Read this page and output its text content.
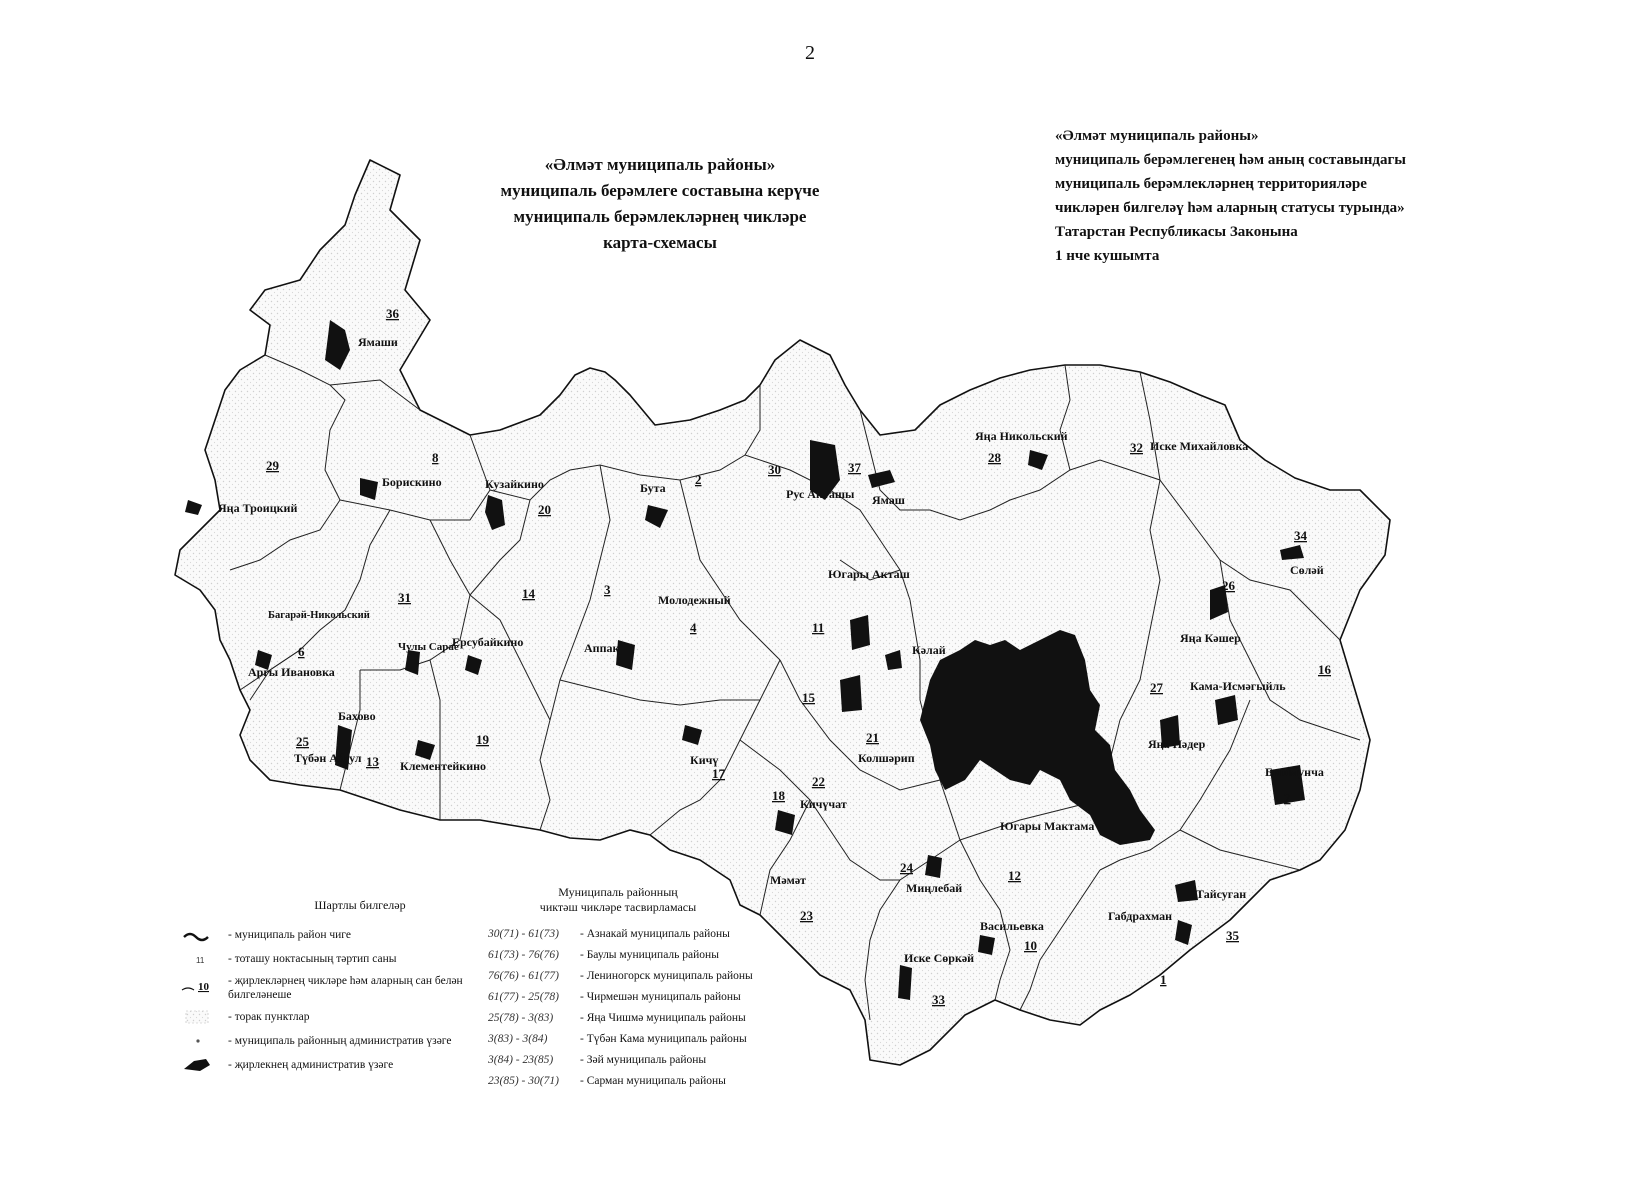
2
«Әлмәт муниципаль районы»
муниципаль берәмлеге составына керүче
муниципаль берәмлекләрнең чикләре
карта-схемасы
«Әлмәт муниципаль районы»
муниципаль берәмлегенең һәм аның составындагы
муниципаль берәмлекләрнең территорияләре
чикләрен билгеләү һәм аларның статусы турында»
Татарстан Республикасы Законына
1 нче кушымта
36
Ямаши
29
Яңа Троицкий
8
Борискино	Кузайкино
20
Бута
2
30
Рус Акташы
37
Ямаш
Яңа Никольский
28
32 Иске Михайловка
34
Сөләй
Багарәй-Никольский
6
Аргы Ивановка
31
Чулы Сарае
14
Ерсубайкино
3
Аппак
Молодежный
4
Югары Акташ
11
Кәлай
21
26
Яңа Кәшер
Кама-Исмәгыйль
16
Бахово
25
Түбән Абдул 13
19
Клементейкино	Кичү
17
15
Колшәрип
22
Кичүчат
27
Яңа Нәдер
Бишмунча
7
18
Мәмәт
24
Миңлебай
Югары Мактама
12
23
Васильевка
10
Иске Сөркәй
33
Тайсуган
35
Габдрахман
1
Шартлы билгеләр
- муниципаль район чиге
11 - тоташу ноктасының тәртип саны
10 - җирлекләрнең чикләре һәм аларның сан белән билгеләнеше
- торак пунктлар
- муниципаль районның административ үзәге
- җирлекнең административ үзәге
Муниципаль районның
чиктәш чикләре тасвирламасы
30(71) - 61(73)	- Азнакай муниципаль районы
61(73) - 76(76)	- Баулы муниципаль районы
76(76) - 61(77)	- Лениногорск муниципаль районы
61(77) - 25(78)	- Чирмешән муниципаль районы
25(78) - 3(83)	- Яңа Чишмә муниципаль районы
3(83) - 3(84)	- Түбән Кама муниципаль районы
3(84) - 23(85)	- Зәй муниципаль районы
23(85) - 30(71)	- Сарман муниципаль районы
